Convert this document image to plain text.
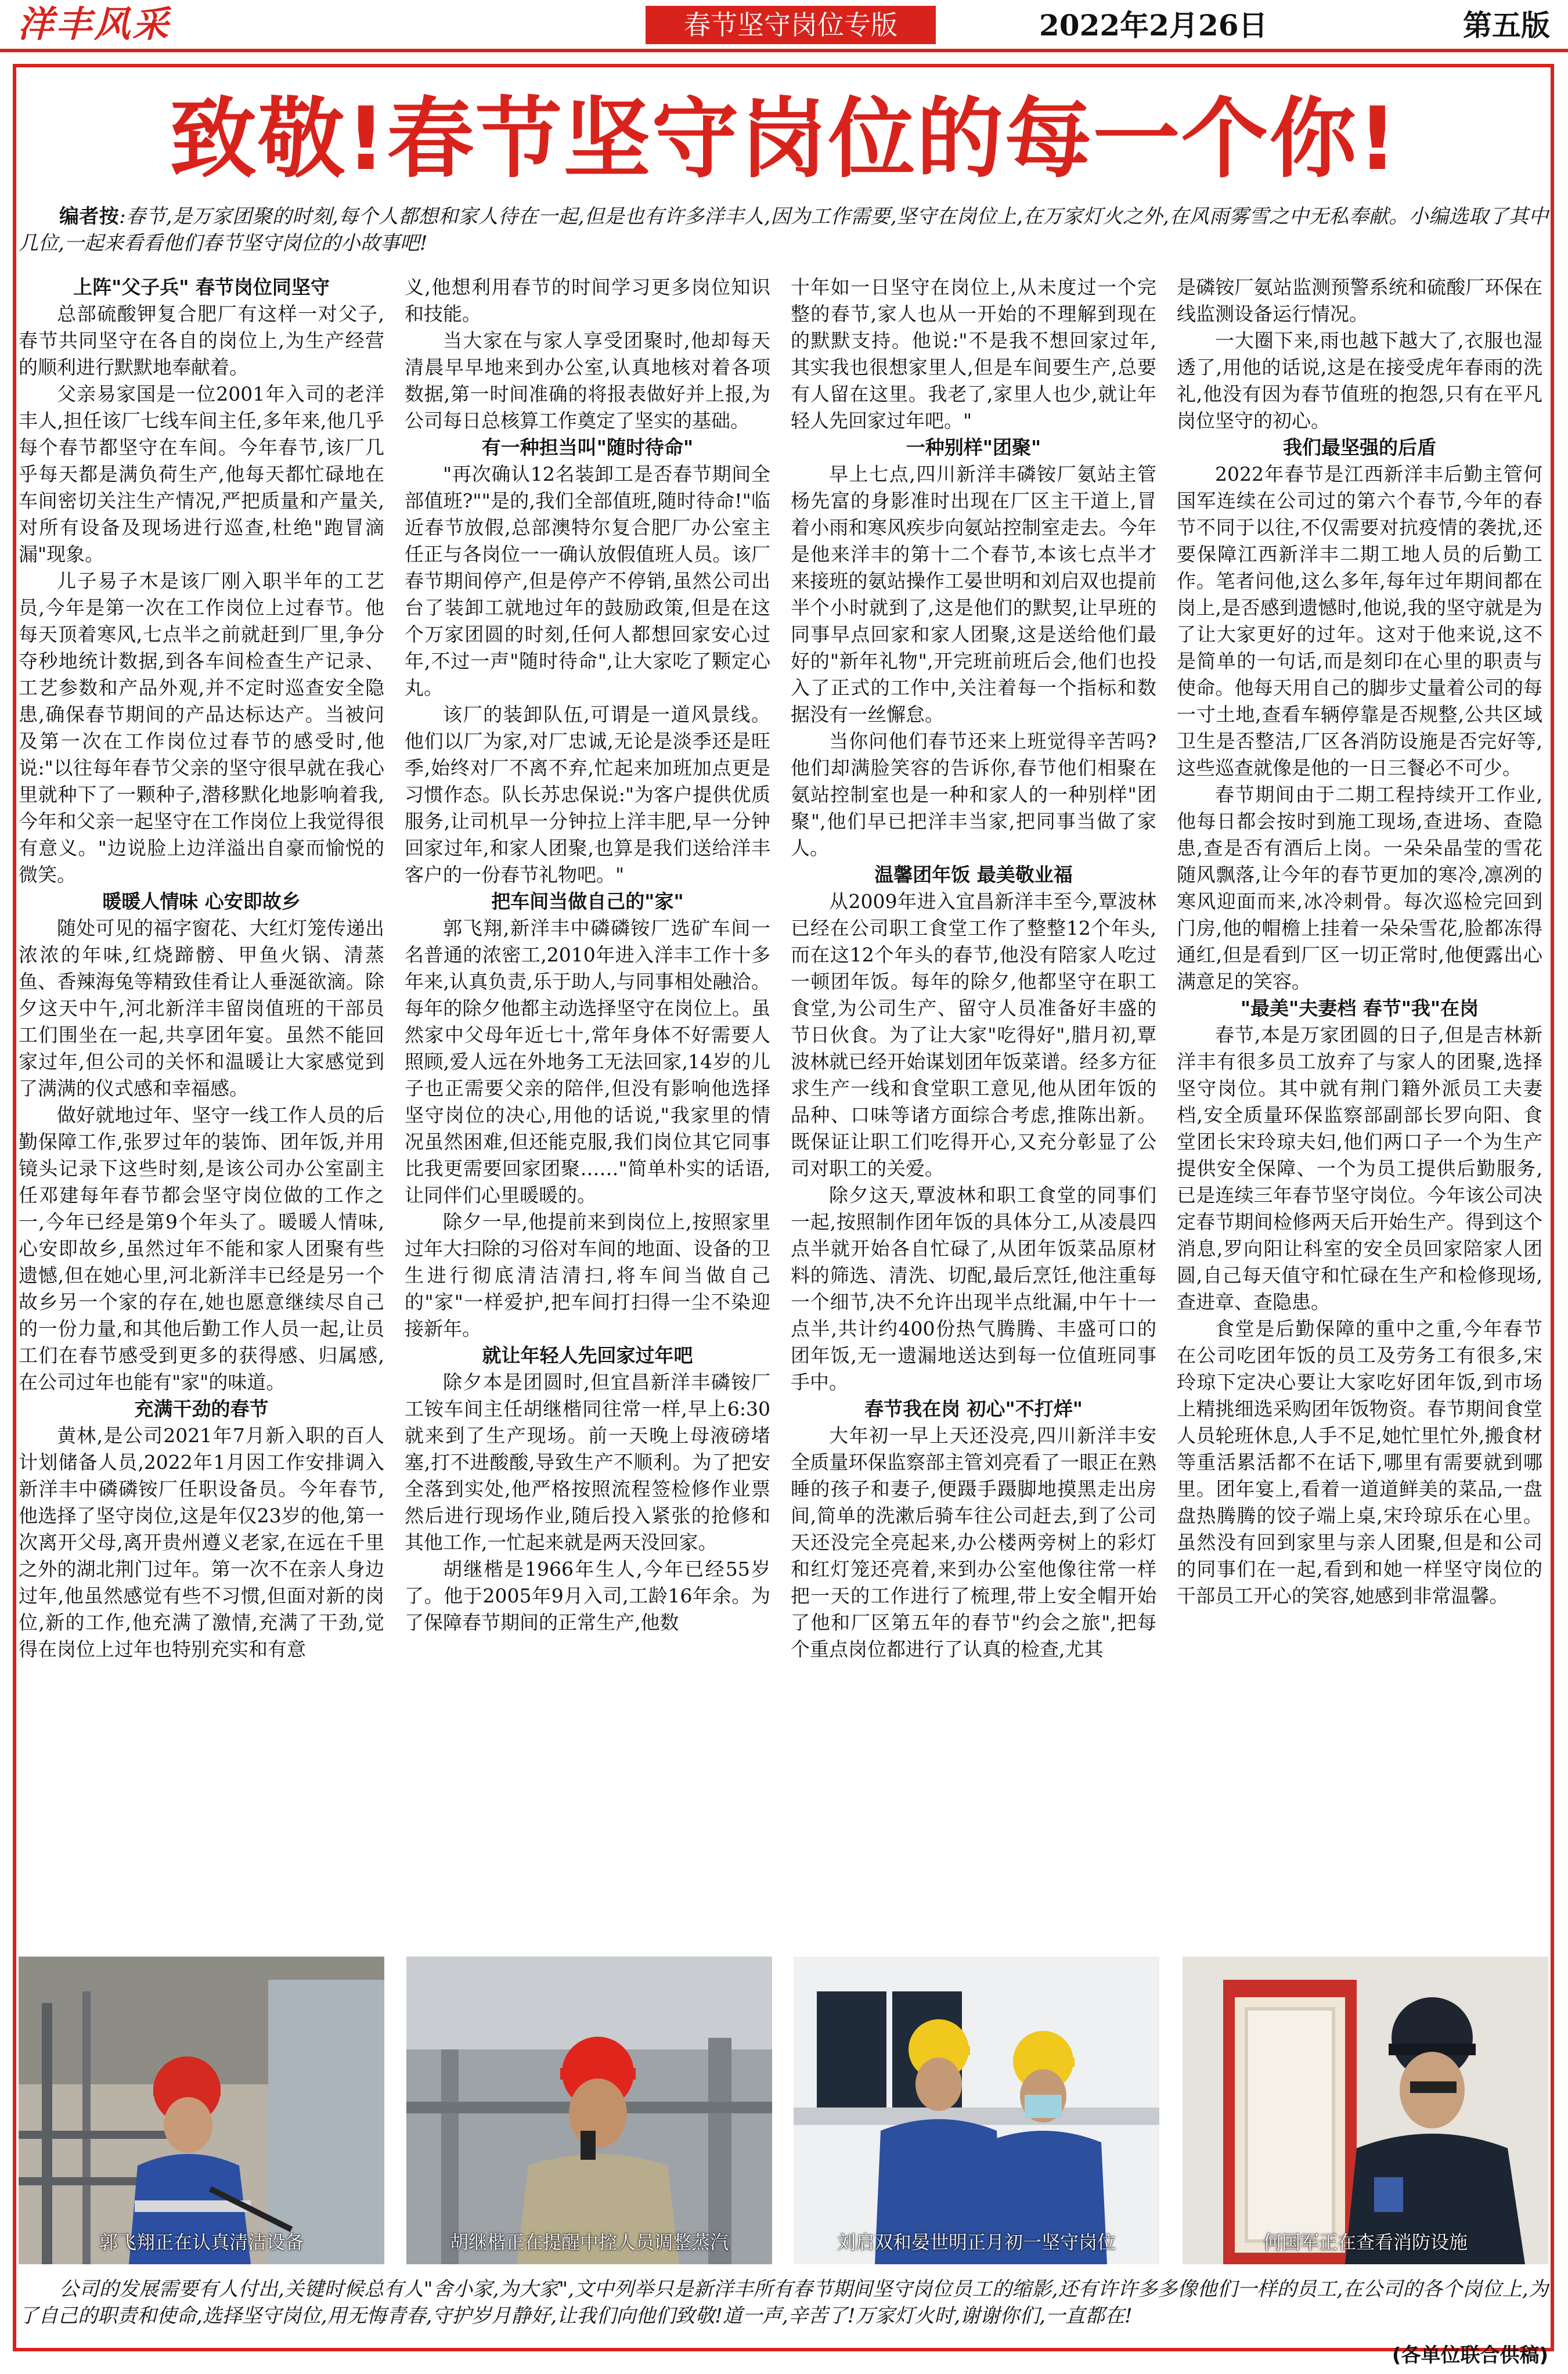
洋丰风采	春节坚守岗位专版	2022年2月26日	第五版
致敬!春节坚守岗位的每一个你!
编者按:春节,是万家团聚的时刻,每个人都想和家人待在一起,但是也有许多洋丰人,因为工作需要,坚守在岗位上,在万家灯火之外,在风雨雾雪之中无私奉献。小编选取了其中几位,一起来看看他们春节坚守岗位的小故事吧!
上阵"父子兵" 春节岗位同坚守

总部硫酸钾复合肥厂有这样一对父子,春节共同坚守在各自的岗位上,为生产经营的顺利进行默默地奉献着。

父亲易家国是一位2001年入司的老洋丰人,担任该厂七线车间主任,多年来,他几乎每个春节都坚守在车间。今年春节,该厂几乎每天都是满负荷生产,他每天都忙碌地在车间密切关注生产情况,严把质量和产量关,对所有设备及现场进行巡查,杜绝"跑冒滴漏"现象。

儿子易子木是该厂刚入职半年的工艺员,今年是第一次在工作岗位上过春节。他每天顶着寒风,七点半之前就赶到厂里,争分夺秒地统计数据,到各车间检查生产记录、工艺参数和产品外观,并不定时巡查安全隐患,确保春节期间的产品达标达产。当被问及第一次在工作岗位过春节的感受时,他说:"以往每年春节父亲的坚守很早就在我心里就种下了一颗种子,潜移默化地影响着我,今年和父亲一起坚守在工作岗位上我觉得很有意义。"边说脸上边洋溢出自豪而愉悦的微笑。

暖暖人情味 心安即故乡

随处可见的福字窗花、大红灯笼传递出浓浓的年味,红烧蹄髈、甲鱼火锅、清蒸鱼、香辣海兔等精致佳肴让人垂涎欲滴。除夕这天中午,河北新洋丰留岗值班的干部员工们围坐在一起,共享团年宴。虽然不能回家过年,但公司的关怀和温暖让大家感觉到了满满的仪式感和幸福感。

做好就地过年、坚守一线工作人员的后勤保障工作,张罗过年的装饰、团年饭,并用镜头记录下这些时刻,是该公司办公室副主任邓建每年春节都会坚守岗位做的工作之一,今年已经是第9个年头了。暖暖人情味,心安即故乡,虽然过年不能和家人团聚有些遗憾,但在她心里,河北新洋丰已经是另一个故乡另一个家的存在,她也愿意继续尽自己的一份力量,和其他后勤工作人员一起,让员工们在春节感受到更多的获得感、归属感,在公司过年也能有"家"的味道。

充满干劲的春节

黄林,是公司2021年7月新入职的百人计划储备人员,2022年1月因工作安排调入新洋丰中磷磷铵厂任职设备员。今年春节,他选择了坚守岗位,这是年仅23岁的他,第一次离开父母,离开贵州遵义老家,在远在千里之外的湖北荆门过年。第一次不在亲人身边过年,他虽然感觉有些不习惯,但面对新的岗位,新的工作,他充满了激情,充满了干劲,觉得在岗位上过年也特别充实和有意

义,他想利用春节的时间学习更多岗位知识和技能。

当大家在与家人享受团聚时,他却每天清晨早早地来到办公室,认真地核对着各项数据,第一时间准确的将报表做好并上报,为公司每日总核算工作奠定了坚实的基础。

有一种担当叫"随时待命"

"再次确认12名装卸工是否春节期间全部值班?""是的,我们全部值班,随时待命!"临近春节放假,总部澳特尔复合肥厂办公室主任正与各岗位一一确认放假值班人员。该厂春节期间停产,但是停产不停销,虽然公司出台了装卸工就地过年的鼓励政策,但是在这个万家团圆的时刻,任何人都想回家安心过年,不过一声"随时待命",让大家吃了颗定心丸。

该厂的装卸队伍,可谓是一道风景线。他们以厂为家,对厂忠诚,无论是淡季还是旺季,始终对厂不离不弃,忙起来加班加点更是习惯作态。队长苏忠保说:"为客户提供优质服务,让司机早一分钟拉上洋丰肥,早一分钟回家过年,和家人团聚,也算是我们送给洋丰客户的一份春节礼物吧。"

把车间当做自己的"家"

郭飞翔,新洋丰中磷磷铵厂选矿车间一名普通的浓密工,2010年进入洋丰工作十多年来,认真负责,乐于助人,与同事相处融洽。每年的除夕他都主动选择坚守在岗位上。虽然家中父母年近七十,常年身体不好需要人照顾,爱人远在外地务工无法回家,14岁的儿子也正需要父亲的陪伴,但没有影响他选择坚守岗位的决心,用他的话说,"我家里的情况虽然困难,但还能克服,我们岗位其它同事比我更需要回家团聚……"简单朴实的话语,让同伴们心里暖暖的。

除夕一早,他提前来到岗位上,按照家里过年大扫除的习俗对车间的地面、设备的卫生进行彻底清洁清扫,将车间当做自己的"家"一样爱护,把车间打扫得一尘不染迎接新年。

就让年轻人先回家过年吧

除夕本是团圆时,但宜昌新洋丰磷铵厂工铵车间主任胡继楷同往常一样,早上6:30就来到了生产现场。前一天晚上母液磅堵塞,打不进酸酸,导致生产不顺利。为了把安全落到实处,他严格按照流程签检修作业票然后进行现场作业,随后投入紧张的抢修和其他工作,一忙起来就是两天没回家。

胡继楷是1966年生人,今年已经55岁了。他于2005年9月入司,工龄16年余。为了保障春节期间的正常生产,他数

十年如一日坚守在岗位上,从未度过一个完整的春节,家人也从一开始的不理解到现在的默默支持。他说:"不是我不想回家过年,其实我也很想家里人,但是车间要生产,总要有人留在这里。我老了,家里人也少,就让年轻人先回家过年吧。"

一种别样"团聚"

早上七点,四川新洋丰磷铵厂氨站主管杨先富的身影准时出现在厂区主干道上,冒着小雨和寒风疾步向氨站控制室走去。今年是他来洋丰的第十二个春节,本该七点半才来接班的氨站操作工晏世明和刘启双也提前半个小时就到了,这是他们的默契,让早班的同事早点回家和家人团聚,这是送给他们最好的"新年礼物",开完班前班后会,他们也投入了正式的工作中,关注着每一个指标和数据没有一丝懈怠。

当你问他们春节还来上班觉得辛苦吗?他们却满脸笑容的告诉你,春节他们相聚在氨站控制室也是一种和家人的一种别样"团聚",他们早已把洋丰当家,把同事当做了家人。

温馨团年饭 最美敬业福

从2009年进入宜昌新洋丰至今,覃波林已经在公司职工食堂工作了整整12个年头,而在这12个年头的春节,他没有陪家人吃过一顿团年饭。每年的除夕,他都坚守在职工食堂,为公司生产、留守人员准备好丰盛的节日伙食。为了让大家"吃得好",腊月初,覃波林就已经开始谋划团年饭菜谱。经多方征求生产一线和食堂职工意见,他从团年饭的品种、口味等诸方面综合考虑,推陈出新。既保证让职工们吃得开心,又充分彰显了公司对职工的关爱。

除夕这天,覃波林和职工食堂的同事们一起,按照制作团年饭的具体分工,从凌晨四点半就开始各自忙碌了,从团年饭菜品原材料的筛选、清洗、切配,最后烹饪,他注重每一个细节,决不允许出现半点纰漏,中午十一点半,共计约400份热气腾腾、丰盛可口的团年饭,无一遗漏地送达到每一位值班同事手中。

春节我在岗 初心"不打烊"

大年初一早上天还没亮,四川新洋丰安全质量环保监察部主管刘亮看了一眼正在熟睡的孩子和妻子,便蹑手蹑脚地摸黑走出房间,简单的洗漱后骑车往公司赶去,到了公司天还没完全亮起来,办公楼两旁树上的彩灯和红灯笼还亮着,来到办公室他像往常一样把一天的工作进行了梳理,带上安全帽开始了他和厂区第五年的春节"约会之旅",把每个重点岗位都进行了认真的检查,尤其

是磷铵厂氨站监测预警系统和硫酸厂环保在线监测设备运行情况。

一大圈下来,雨也越下越大了,衣服也湿透了,用他的话说,这是在接受虎年春雨的洗礼,他没有因为春节值班的抱怨,只有在平凡岗位坚守的初心。

我们最坚强的后盾

2022年春节是江西新洋丰后勤主管何国军连续在公司过的第六个春节,今年的春节不同于以往,不仅需要对抗疫情的袭扰,还要保障江西新洋丰二期工地人员的后勤工作。笔者问他,这么多年,每年过年期间都在岗上,是否感到遗憾时,他说,我的坚守就是为了让大家更好的过年。这对于他来说,这不是简单的一句话,而是刻印在心里的职责与使命。他每天用自己的脚步丈量着公司的每一寸土地,查看车辆停靠是否规整,公共区域卫生是否整洁,厂区各消防设施是否完好等,这些巡查就像是他的一日三餐必不可少。

春节期间由于二期工程持续开工作业,他每日都会按时到施工现场,查进场、查隐患,查是否有酒后上岗。一朵朵晶莹的雪花随风飘落,让今年的春节更加的寒冷,凛冽的寒风迎面而来,冰冷刺骨。每次巡检完回到门房,他的帽檐上挂着一朵朵雪花,脸都冻得通红,但是看到厂区一切正常时,他便露出心满意足的笑容。

"最美"夫妻档 春节"我"在岗

春节,本是万家团圆的日子,但是吉林新洋丰有很多员工放弃了与家人的团聚,选择坚守岗位。其中就有荆门籍外派员工夫妻档,安全质量环保监察部副部长罗向阳、食堂团长宋玲琼夫妇,他们两口子一个为生产提供安全保障、一个为员工提供后勤服务,已是连续三年春节坚守岗位。今年该公司决定春节期间检修两天后开始生产。得到这个消息,罗向阳让科室的安全员回家陪家人团圆,自己每天值守和忙碌在生产和检修现场,查进章、查隐患。

食堂是后勤保障的重中之重,今年春节在公司吃团年饭的员工及劳务工有很多,宋玲琼下定决心要让大家吃好团年饭,到市场上精挑细选采购团年饭物资。春节期间食堂人员轮班休息,人手不足,她忙里忙外,搬食材等重活累活都不在话下,哪里有需要就到哪里。团年宴上,看着一道道鲜美的菜品,一盘盘热腾腾的饺子端上桌,宋玲琼乐在心里。虽然没有回到家里与亲人团聚,但是和公司的同事们在一起,看到和她一样坚守岗位的干部员工开心的笑容,她感到非常温馨。

郭飞翔正在认真清洁设备	胡继楷正在提醒中控人员调整蒸汽	刘启双和晏世明正月初一坚守岗位	何国军正在查看消防设施
公司的发展需要有人付出,关键时候总有人"舍小家,为大家",文中列举只是新洋丰所有春节期间坚守岗位员工的缩影,还有许许多多像他们一样的员工,在公司的各个岗位上,为了自己的职责和使命,选择坚守岗位,用无悔青春,守护岁月静好,让我们向他们致敬!道一声,辛苦了!万家灯火时,谢谢你们,一直都在!
(各单位联合供稿)
